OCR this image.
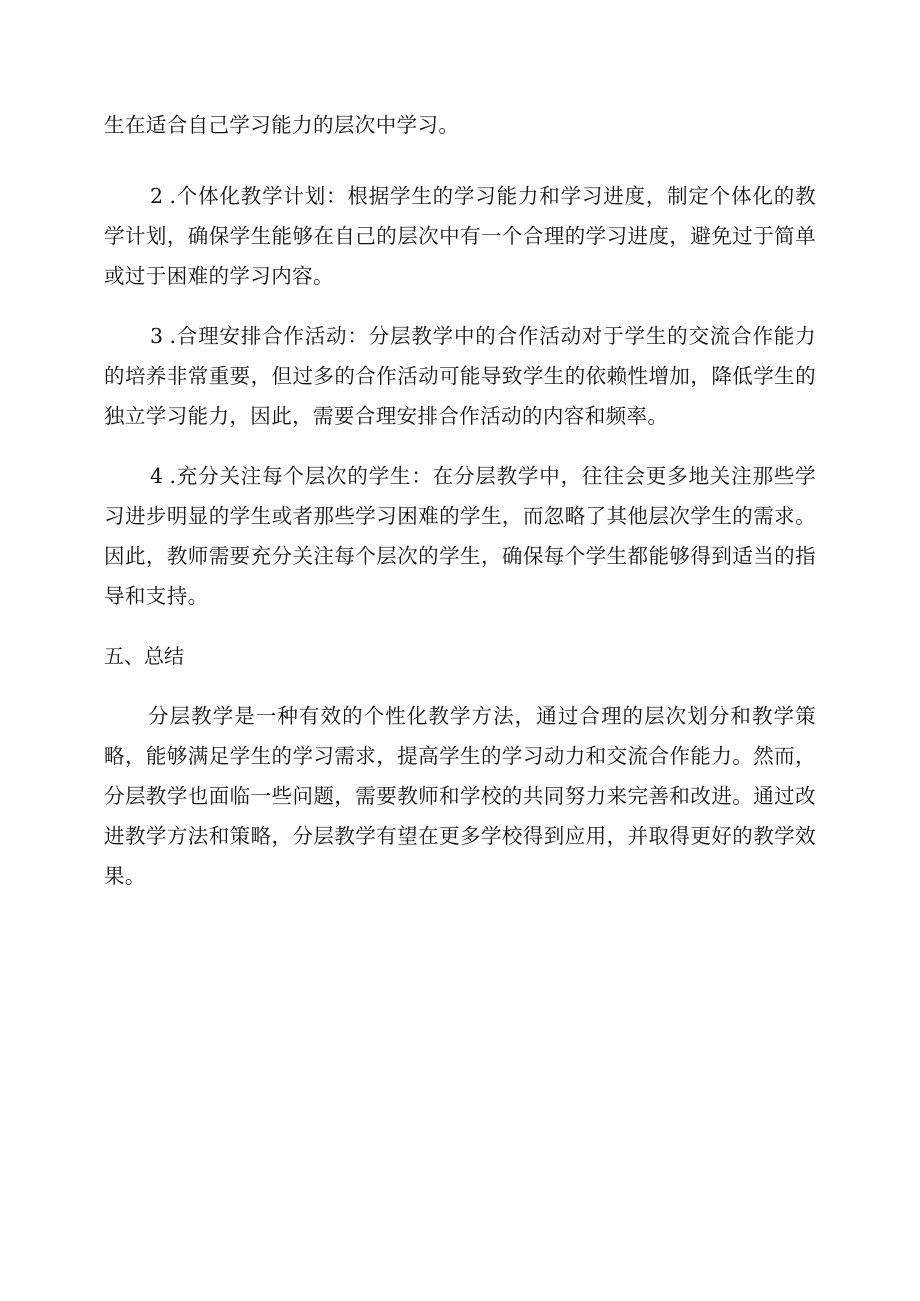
生在适合自己学习能力的层次中学习。

2 .个体化教学计划：根据学生的学习能力和学习进度，制定个体化的教学计划，确保学生能够在自己的层次中有一个合理的学习进度，避免过于简单或过于困难的学习内容。

3 .合理安排合作活动：分层教学中的合作活动对于学生的交流合作能力的培养非常重要，但过多的合作活动可能导致学生的依赖性增加，降低学生的独立学习能力，因此，需要合理安排合作活动的内容和频率。

4 .充分关注每个层次的学生：在分层教学中，往往会更多地关注那些学习进步明显的学生或者那些学习困难的学生，而忽略了其他层次学生的需求。因此，教师需要充分关注每个层次的学生，确保每个学生都能够得到适当的指导和支持。

五、总结

分层教学是一种有效的个性化教学方法，通过合理的层次划分和教学策略，能够满足学生的学习需求，提高学生的学习动力和交流合作能力。然而，分层教学也面临一些问题，需要教师和学校的共同努力来完善和改进。通过改进教学方法和策略，分层教学有望在更多学校得到应用，并取得更好的教学效果。
